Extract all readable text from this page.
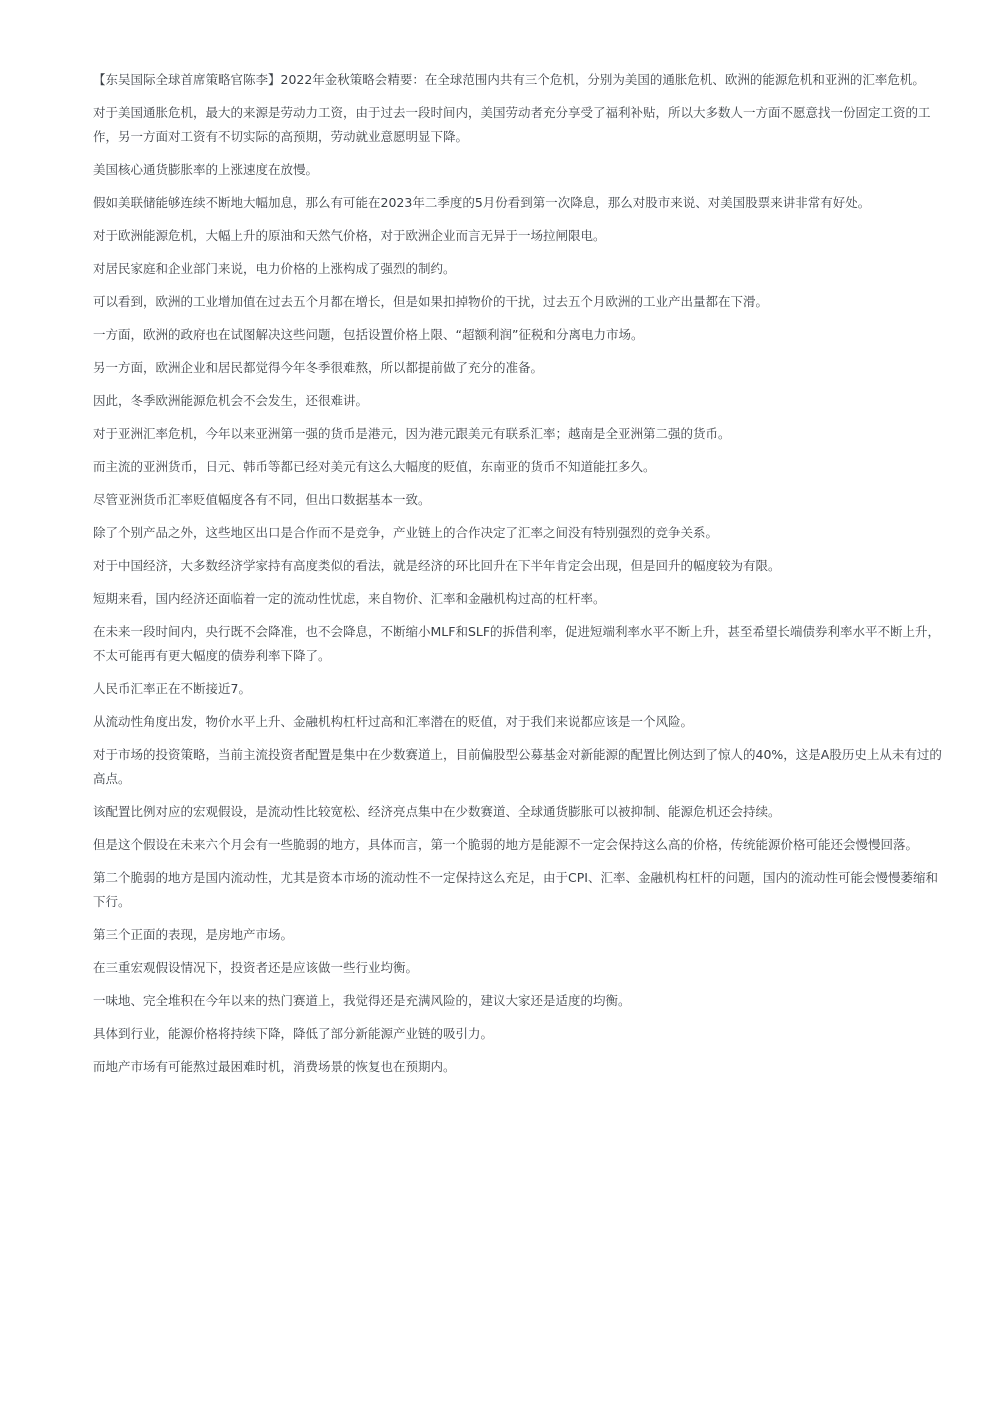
【东吴国际全球首席策略官陈李】2022年金秋策略会精要：在全球范围内共有三个危机，分别为美国的通胀危机、欧洲的能源危机和亚洲的汇率危机。

对于美国通胀危机，最大的来源是劳动力工资，由于过去一段时间内，美国劳动者充分享受了福利补贴，所以大多数人一方面不愿意找一份固定工资的工作，另一方面对工资有不切实际的高预期，劳动就业意愿明显下降。

美国核心通货膨胀率的上涨速度在放慢。

假如美联储能够连续不断地大幅加息，那么有可能在2023年二季度的5月份看到第一次降息，那么对股市来说、对美国股票来讲非常有好处。

对于欧洲能源危机，大幅上升的原油和天然气价格，对于欧洲企业而言无异于一场拉闸限电。

对居民家庭和企业部门来说，电力价格的上涨构成了强烈的制约。

可以看到，欧洲的工业增加值在过去五个月都在增长，但是如果扣掉物价的干扰，过去五个月欧洲的工业产出量都在下滑。

一方面，欧洲的政府也在试图解决这些问题，包括设置价格上限、“超额利润”征税和分离电力市场。

另一方面，欧洲企业和居民都觉得今年冬季很难熬，所以都提前做了充分的准备。

因此，冬季欧洲能源危机会不会发生，还很难讲。

对于亚洲汇率危机，今年以来亚洲第一强的货币是港元，因为港元跟美元有联系汇率；越南是全亚洲第二强的货币。

而主流的亚洲货币，日元、韩币等都已经对美元有这么大幅度的贬值，东南亚的货币不知道能扛多久。

尽管亚洲货币汇率贬值幅度各有不同，但出口数据基本一致。

除了个别产品之外，这些地区出口是合作而不是竞争，产业链上的合作决定了汇率之间没有特别强烈的竞争关系。

对于中国经济，大多数经济学家持有高度类似的看法，就是经济的环比回升在下半年肯定会出现，但是回升的幅度较为有限。

短期来看，国内经济还面临着一定的流动性忧虑，来自物价、汇率和金融机构过高的杠杆率。

在未来一段时间内，央行既不会降准，也不会降息，不断缩小MLF和SLF的拆借利率，促进短端利率水平不断上升，甚至希望长端债券利率水平不断上升，不太可能再有更大幅度的债券利率下降了。

人民币汇率正在不断接近7。

从流动性角度出发，物价水平上升、金融机构杠杆过高和汇率潜在的贬值，对于我们来说都应该是一个风险。

对于市场的投资策略，当前主流投资者配置是集中在少数赛道上，目前偏股型公募基金对新能源的配置比例达到了惊人的40%，这是A股历史上从未有过的高点。

该配置比例对应的宏观假设，是流动性比较宽松、经济亮点集中在少数赛道、全球通货膨胀可以被抑制、能源危机还会持续。

但是这个假设在未来六个月会有一些脆弱的地方，具体而言，第一个脆弱的地方是能源不一定会保持这么高的价格，传统能源价格可能还会慢慢回落。

第二个脆弱的地方是国内流动性，尤其是资本市场的流动性不一定保持这么充足，由于CPI、汇率、金融机构杠杆的问题，国内的流动性可能会慢慢萎缩和下行。

第三个正面的表现，是房地产市场。

在三重宏观假设情况下，投资者还是应该做一些行业均衡。

一味地、完全堆积在今年以来的热门赛道上，我觉得还是充满风险的，建议大家还是适度的均衡。

具体到行业，能源价格将持续下降，降低了部分新能源产业链的吸引力。

而地产市场有可能熬过最困难时机，消费场景的恢复也在预期内。
